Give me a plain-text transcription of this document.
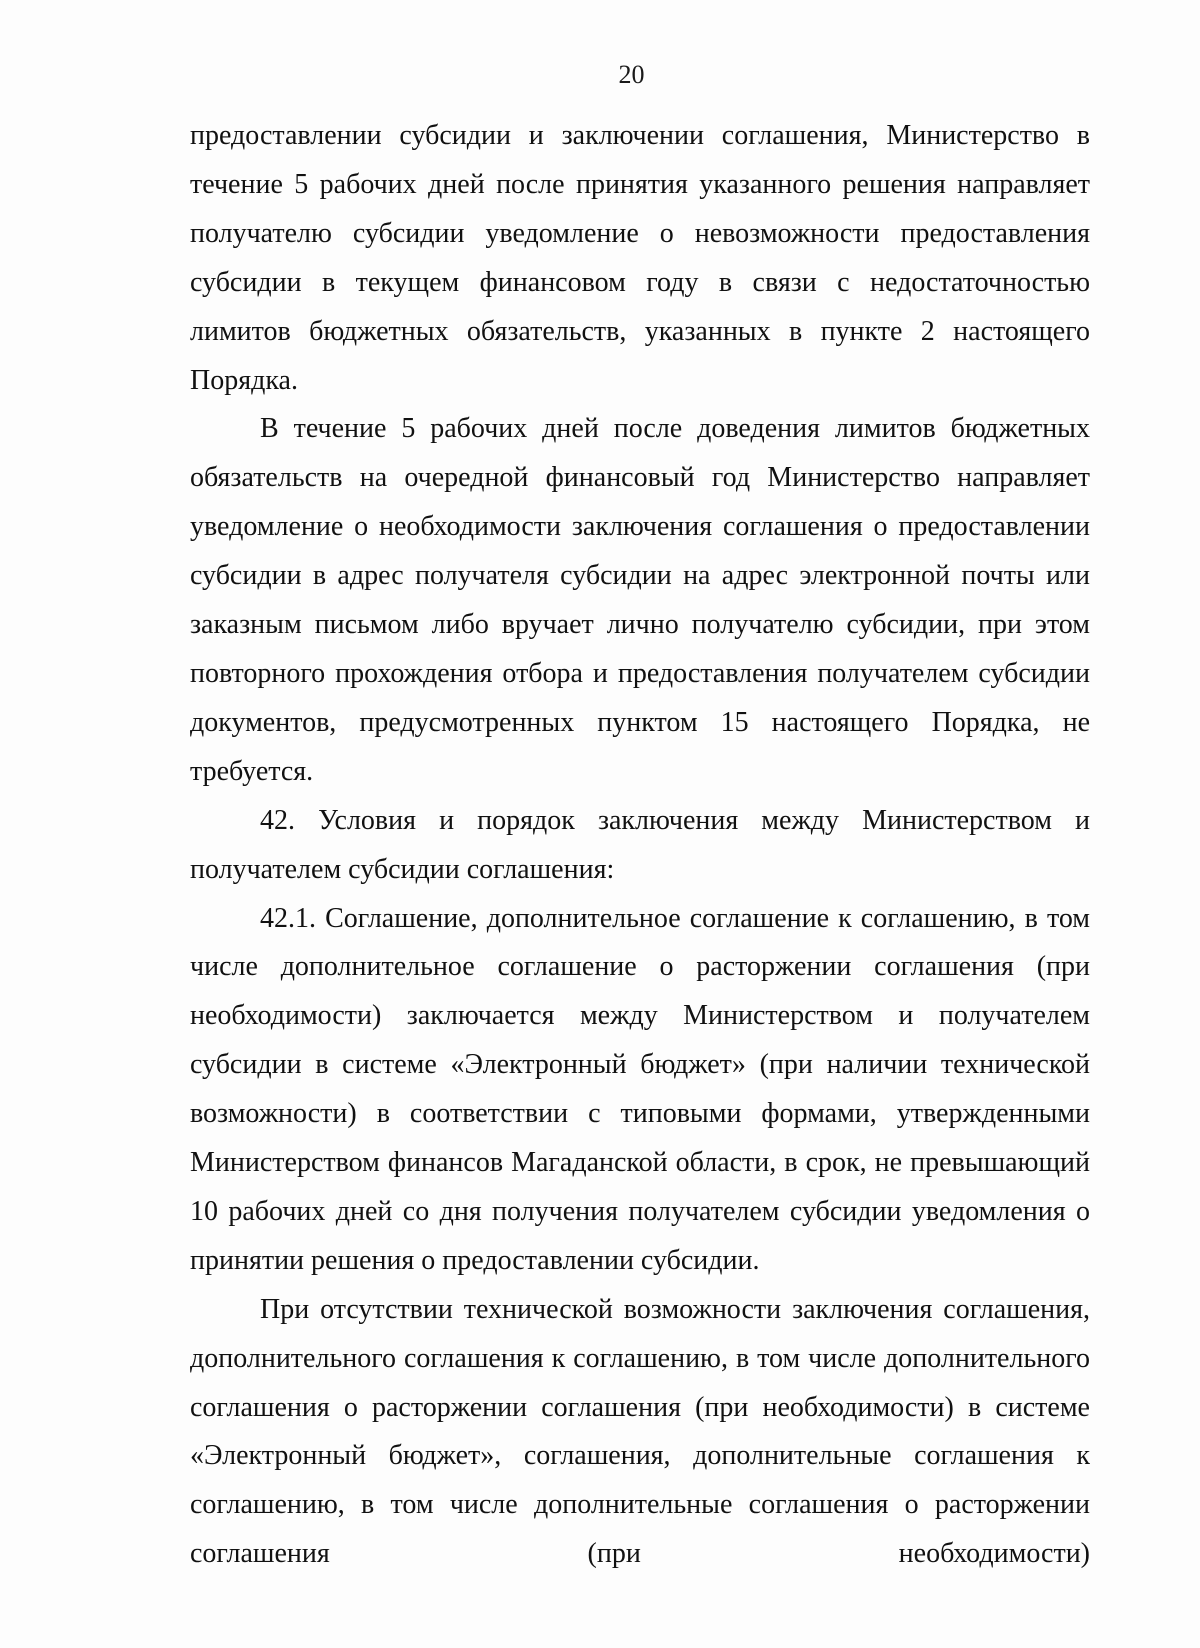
20

предоставлении субсидии и заключении соглашения, Министерство в течение 5 рабочих дней после принятия указанного решения направляет получателю субсидии уведомление о невозможности предоставления субсидии в текущем финансовом году в связи с недостаточностью лимитов бюджетных обязательств, указанных в пункте 2 настоящего Порядка.

В течение 5 рабочих дней после доведения лимитов бюджетных обязательств на очередной финансовый год Министерство направляет уведомление о необходимости заключения соглашения о предоставлении субсидии в адрес получателя субсидии на адрес электронной почты или заказным письмом либо вручает лично получателю субсидии, при этом повторного прохождения отбора и предоставления получателем субсидии документов, предусмотренных пунктом 15 настоящего Порядка, не требуется.

42. Условия и порядок заключения между Министерством и получателем субсидии соглашения:

42.1. Соглашение, дополнительное соглашение к соглашению, в том числе дополнительное соглашение о расторжении соглашения (при необходимости) заключается между Министерством и получателем субсидии в системе «Электронный бюджет» (при наличии технической возможности) в соответствии с типовыми формами, утвержденными Министерством финансов Магаданской области, в срок, не превышающий 10 рабочих дней со дня получения получателем субсидии уведомления о принятии решения о предоставлении субсидии.

При отсутствии технической возможности заключения соглашения, дополнительного соглашения к соглашению, в том числе дополнительного соглашения о расторжении соглашения (при необходимости) в системе «Электронный бюджет», соглашения, дополнительные соглашения к соглашению, в том числе дополнительные соглашения о расторжении соглашения (при необходимости)
